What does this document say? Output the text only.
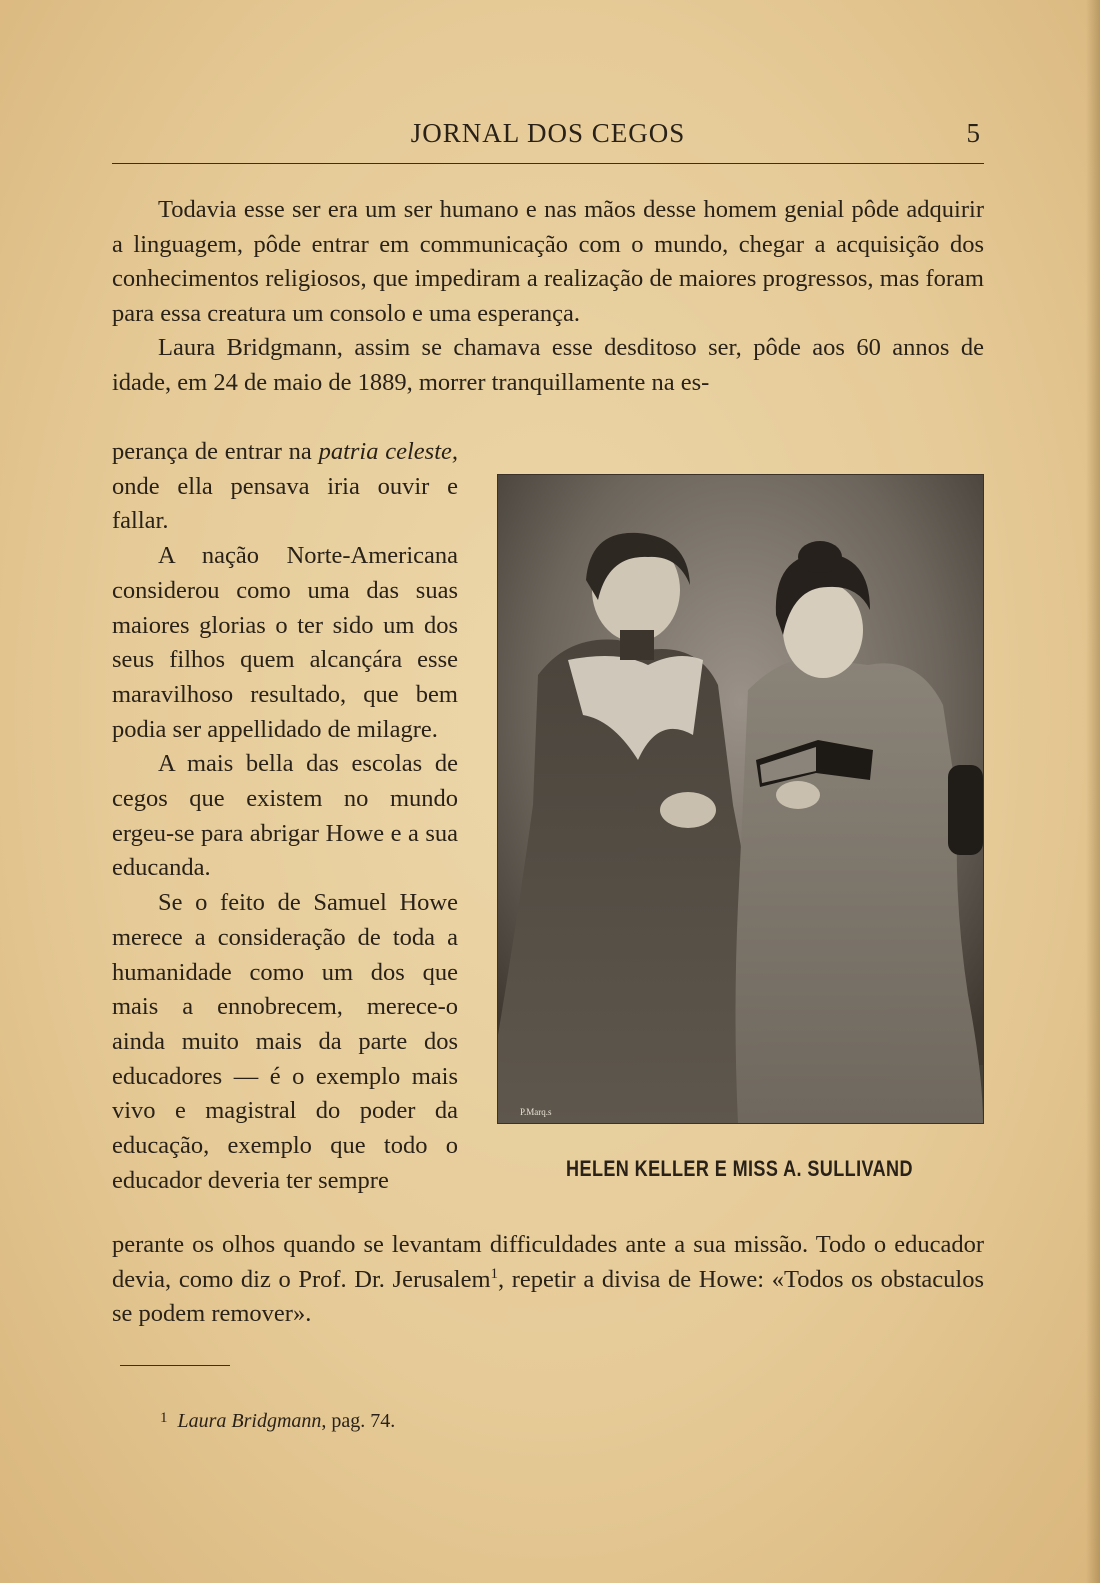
JORNAL DOS CEGOS	5

Todavia esse ser era um ser humano e nas mãos desse homem genial pôde adquirir a linguagem, pôde entrar em communicação com o mundo, chegar a acquisição dos conhecimentos religiosos, que impediram a realização de maiores progressos, mas foram para essa creatura um consolo e uma esperança.

Laura Bridgmann, assim se chamava esse desditoso ser, pôde aos 60 annos de idade, em 24 de maio de 1889, morrer tranquillamente na es-

perança de entrar na patria celeste, onde ella pensava iria ouvir e fallar.

A nação Norte-Americana considerou como uma das suas maiores glorias o ter sido um dos seus filhos quem alcançára esse maravilhoso resultado, que bem podia ser appellidado de milagre.

A mais bella das escolas de cegos que existem no mundo ergeu-se para abrigar Howe e a sua educanda.

Se o feito de Samuel Howe merece a consideração de toda a humanidade como um dos que mais a ennobrecem, merece-o ainda muito mais da parte dos educadores — é o exemplo mais vivo e magistral do poder da educação, exemplo que todo o educador deveria ter sempre

P.Marq.s
HELEN KELLER E MISS A. SULLIVAND

perante os olhos quando se levantam difficuldades ante a sua missão. Todo o educador devia, como diz o Prof. Dr. Jerusalem$^1$, repetir a divisa de Howe: «Todos os obstaculos se podem remover».

$^1$ Laura Bridgmann, pag. 74.
